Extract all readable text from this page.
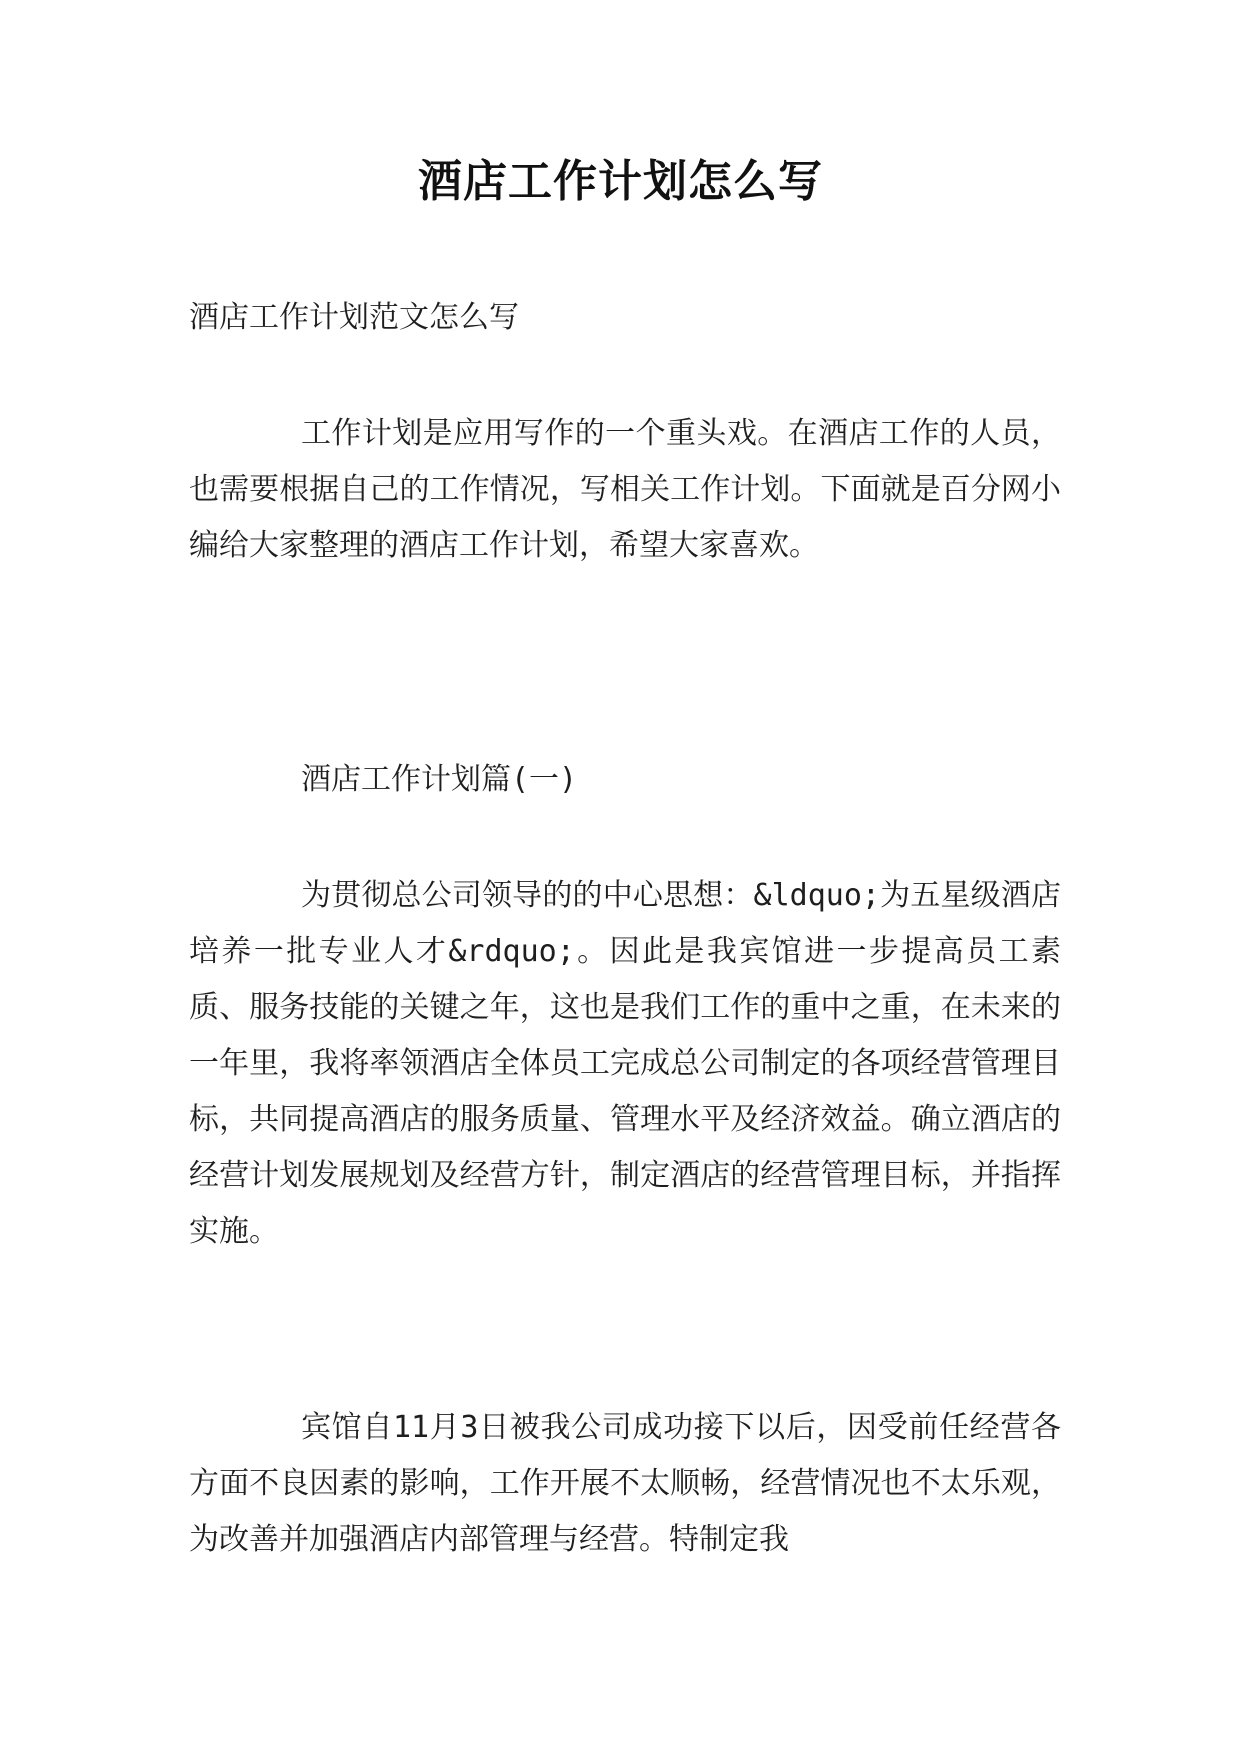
酒店工作计划怎么写

酒店工作计划范文怎么写

工作计划是应用写作的一个重头戏。在酒店工作的人员，也需要根据自己的工作情况，写相关工作计划。下面就是百分网小编给大家整理的酒店工作计划，希望大家喜欢。

酒店工作计划篇(一)

为贯彻总公司领导的的中心思想：&ldquo;为五星级酒店培养一批专业人才&rdquo;。因此是我宾馆进一步提高员工素质、服务技能的关键之年，这也是我们工作的重中之重，在未来的一年里，我将率领酒店全体员工完成总公司制定的各项经营管理目标，共同提高酒店的服务质量、管理水平及经济效益。确立酒店的经营计划发展规划及经营方针，制定酒店的经营管理目标，并指挥实施。

宾馆自11月3日被我公司成功接下以后，因受前任经营各方面不良因素的影响，工作开展不太顺畅，经营情况也不太乐观，为改善并加强酒店内部管理与经营。特制定我
